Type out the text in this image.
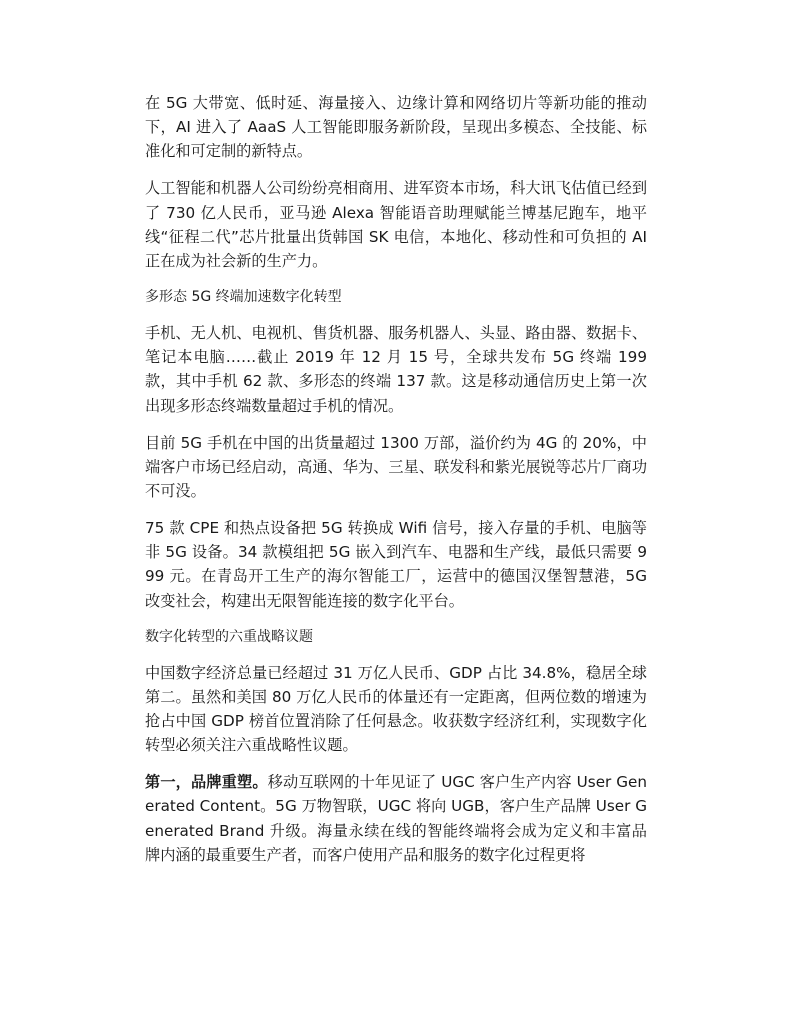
在 5G 大带宽、低时延、海量接入、边缘计算和网络切片等新功能的推动下，AI 进入了 AaaS 人工智能即服务新阶段，呈现出多模态、全技能、标准化和可定制的新特点。

人工智能和机器人公司纷纷亮相商用、进军资本市场，科大讯飞估值已经到了 730 亿人民币，亚马逊 Alexa 智能语音助理赋能兰博基尼跑车，地平线“征程二代”芯片批量出货韩国 SK 电信，本地化、移动性和可负担的 AI 正在成为社会新的生产力。

多形态 5G 终端加速数字化转型

手机、无人机、电视机、售货机器、服务机器人、头显、路由器、数据卡、笔记本电脑……截止 2019 年 12 月 15 号，全球共发布 5G 终端 199 款，其中手机 62 款、多形态的终端 137 款。这是移动通信历史上第一次出现多形态终端数量超过手机的情况。

目前 5G 手机在中国的出货量超过 1300 万部，溢价约为 4G 的 20%，中端客户市场已经启动，高通、华为、三星、联发科和紫光展锐等芯片厂商功不可没。

75 款 CPE 和热点设备把 5G 转换成 Wifi 信号，接入存量的手机、电脑等非 5G 设备。34 款模组把 5G 嵌入到汽车、电器和生产线，最低只需要 999 元。在青岛开工生产的海尔智能工厂，运营中的德国汉堡智慧港，5G 改变社会，构建出无限智能连接的数字化平台。

数字化转型的六重战略议题

中国数字经济总量已经超过 31 万亿人民币、GDP 占比 34.8%，稳居全球第二。虽然和美国 80 万亿人民币的体量还有一定距离，但两位数的增速为抢占中国 GDP 榜首位置消除了任何悬念。收获数字经济红利，实现数字化转型必须关注六重战略性议题。

第一，品牌重塑。移动互联网的十年见证了 UGC 客户生产内容 User Generated Content。5G 万物智联，UGC 将向 UGB，客户生产品牌 User Generated Brand 升级。海量永续在线的智能终端将会成为定义和丰富品牌内涵的最重要生产者，而客户使用产品和服务的数字化过程更将
